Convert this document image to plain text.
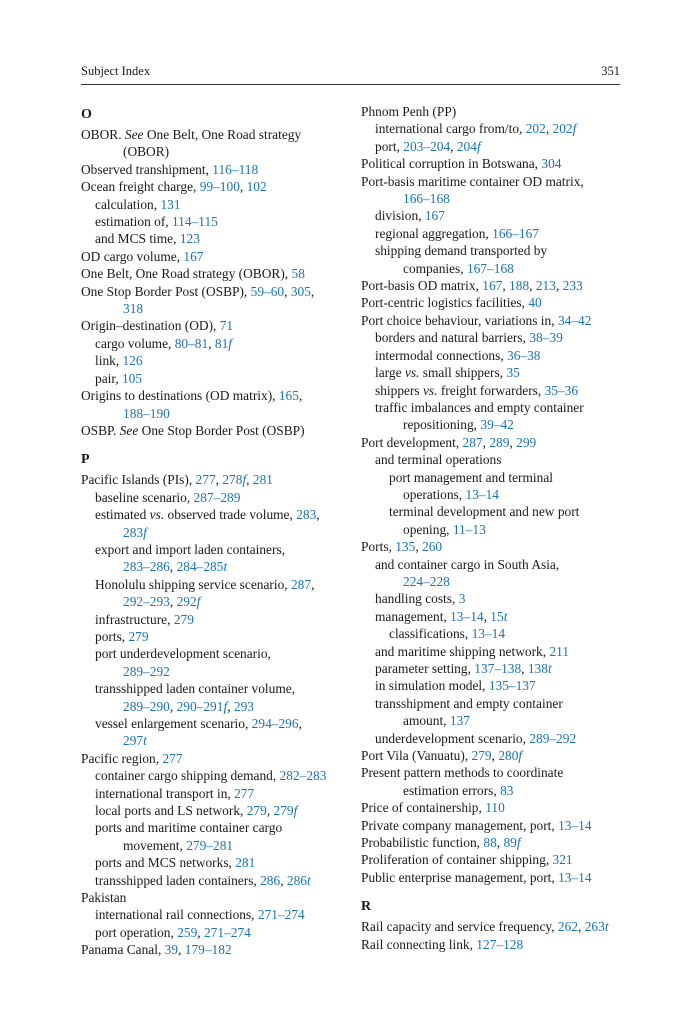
Subject Index	351
O
OBOR. See One Belt, One Road strategy
(OBOR)
Observed transhipment, 116–118
Ocean freight charge, 99–100, 102
calculation, 131
estimation of, 114–115
and MCS time, 123
OD cargo volume, 167
One Belt, One Road strategy (OBOR), 58
One Stop Border Post (OSBP), 59–60, 305,
318
Origin–destination (OD), 71
cargo volume, 80–81, 81f
link, 126
pair, 105
Origins to destinations (OD matrix), 165,
188–190
OSBP. See One Stop Border Post (OSBP)
P
Pacific Islands (PIs), 277, 278f, 281
baseline scenario, 287–289
estimated vs. observed trade volume, 283,
283f
export and import laden containers,
283–286, 284–285t
Honolulu shipping service scenario, 287,
292–293, 292f
infrastructure, 279
ports, 279
port underdevelopment scenario,
289–292
transshipped laden container volume,
289–290, 290–291f, 293
vessel enlargement scenario, 294–296,
297t
Pacific region, 277
container cargo shipping demand, 282–283
international transport in, 277
local ports and LS network, 279, 279f
ports and maritime container cargo
movement, 279–281
ports and MCS networks, 281
transshipped laden containers, 286, 286t
Pakistan
international rail connections, 271–274
port operation, 259, 271–274
Panama Canal, 39, 179–182
Phnom Penh (PP)
international cargo from/to, 202, 202f
port, 203–204, 204f
Political corruption in Botswana, 304
Port-basis maritime container OD matrix,
166–168
division, 167
regional aggregation, 166–167
shipping demand transported by
companies, 167–168
Port-basis OD matrix, 167, 188, 213, 233
Port-centric logistics facilities, 40
Port choice behaviour, variations in, 34–42
borders and natural barriers, 38–39
intermodal connections, 36–38
large vs. small shippers, 35
shippers vs. freight forwarders, 35–36
traffic imbalances and empty container
repositioning, 39–42
Port development, 287, 289, 299
and terminal operations
port management and terminal
operations, 13–14
terminal development and new port
opening, 11–13
Ports, 135, 260
and container cargo in South Asia,
224–228
handling costs, 3
management, 13–14, 15t
classifications, 13–14
and maritime shipping network, 211
parameter setting, 137–138, 138t
in simulation model, 135–137
transshipment and empty container
amount, 137
underdevelopment scenario, 289–292
Port Vila (Vanuatu), 279, 280f
Present pattern methods to coordinate
estimation errors, 83
Price of containership, 110
Private company management, port, 13–14
Probabilistic function, 88, 89f
Proliferation of container shipping, 321
Public enterprise management, port, 13–14
R
Rail capacity and service frequency, 262, 263t
Rail connecting link, 127–128
